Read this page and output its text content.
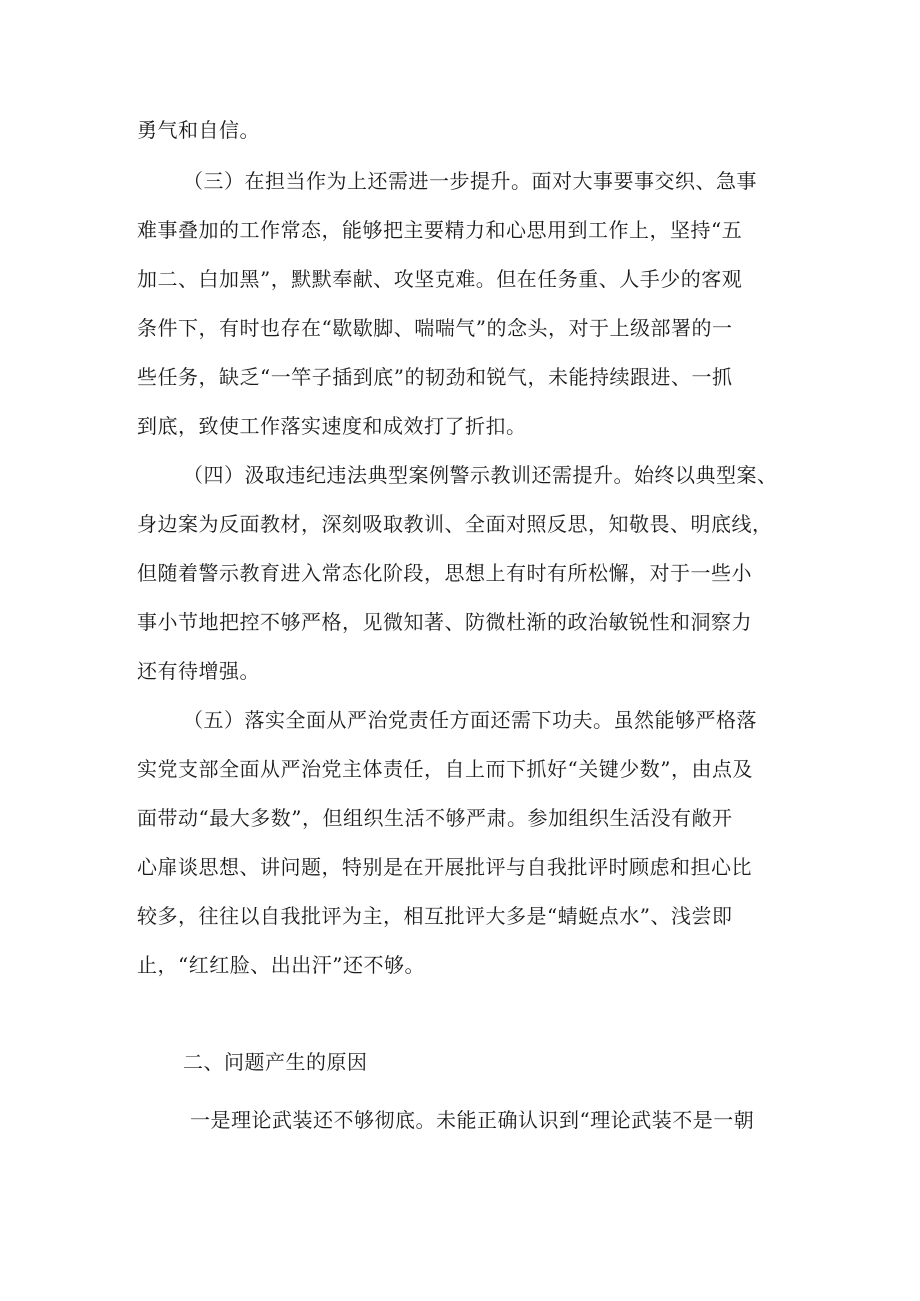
勇气和自信。
（三）在担当作为上还需进一步提升。面对大事要事交织、急事
难事叠加的工作常态，能够把主要精力和心思用到工作上，坚持“五
加二、白加黑”，默默奉献、攻坚克难。但在任务重、人手少的客观
条件下，有时也存在“歇歇脚、喘喘气”的念头，对于上级部署的一
些任务，缺乏“一竿子插到底”的韧劲和锐气，未能持续跟进、一抓
到底，致使工作落实速度和成效打了折扣。
（四）汲取违纪违法典型案例警示教训还需提升。始终以典型案、
身边案为反面教材，深刻吸取教训、全面对照反思，知敬畏、明底线，
但随着警示教育进入常态化阶段，思想上有时有所松懈，对于一些小
事小节地把控不够严格，见微知著、防微杜渐的政治敏锐性和洞察力
还有待增强。
（五）落实全面从严治党责任方面还需下功夫。虽然能够严格落
实党支部全面从严治党主体责任，自上而下抓好“关键少数”，由点及
面带动“最大多数”，但组织生活不够严肃。参加组织生活没有敞开
心扉谈思想、讲问题，特别是在开展批评与自我批评时顾虑和担心比
较多，往往以自我批评为主，相互批评大多是“蜻蜓点水”、浅尝即
止，“红红脸、出出汗”还不够。
二、问题产生的原因
一是理论武装还不够彻底。未能正确认识到“理论武装不是一朝
